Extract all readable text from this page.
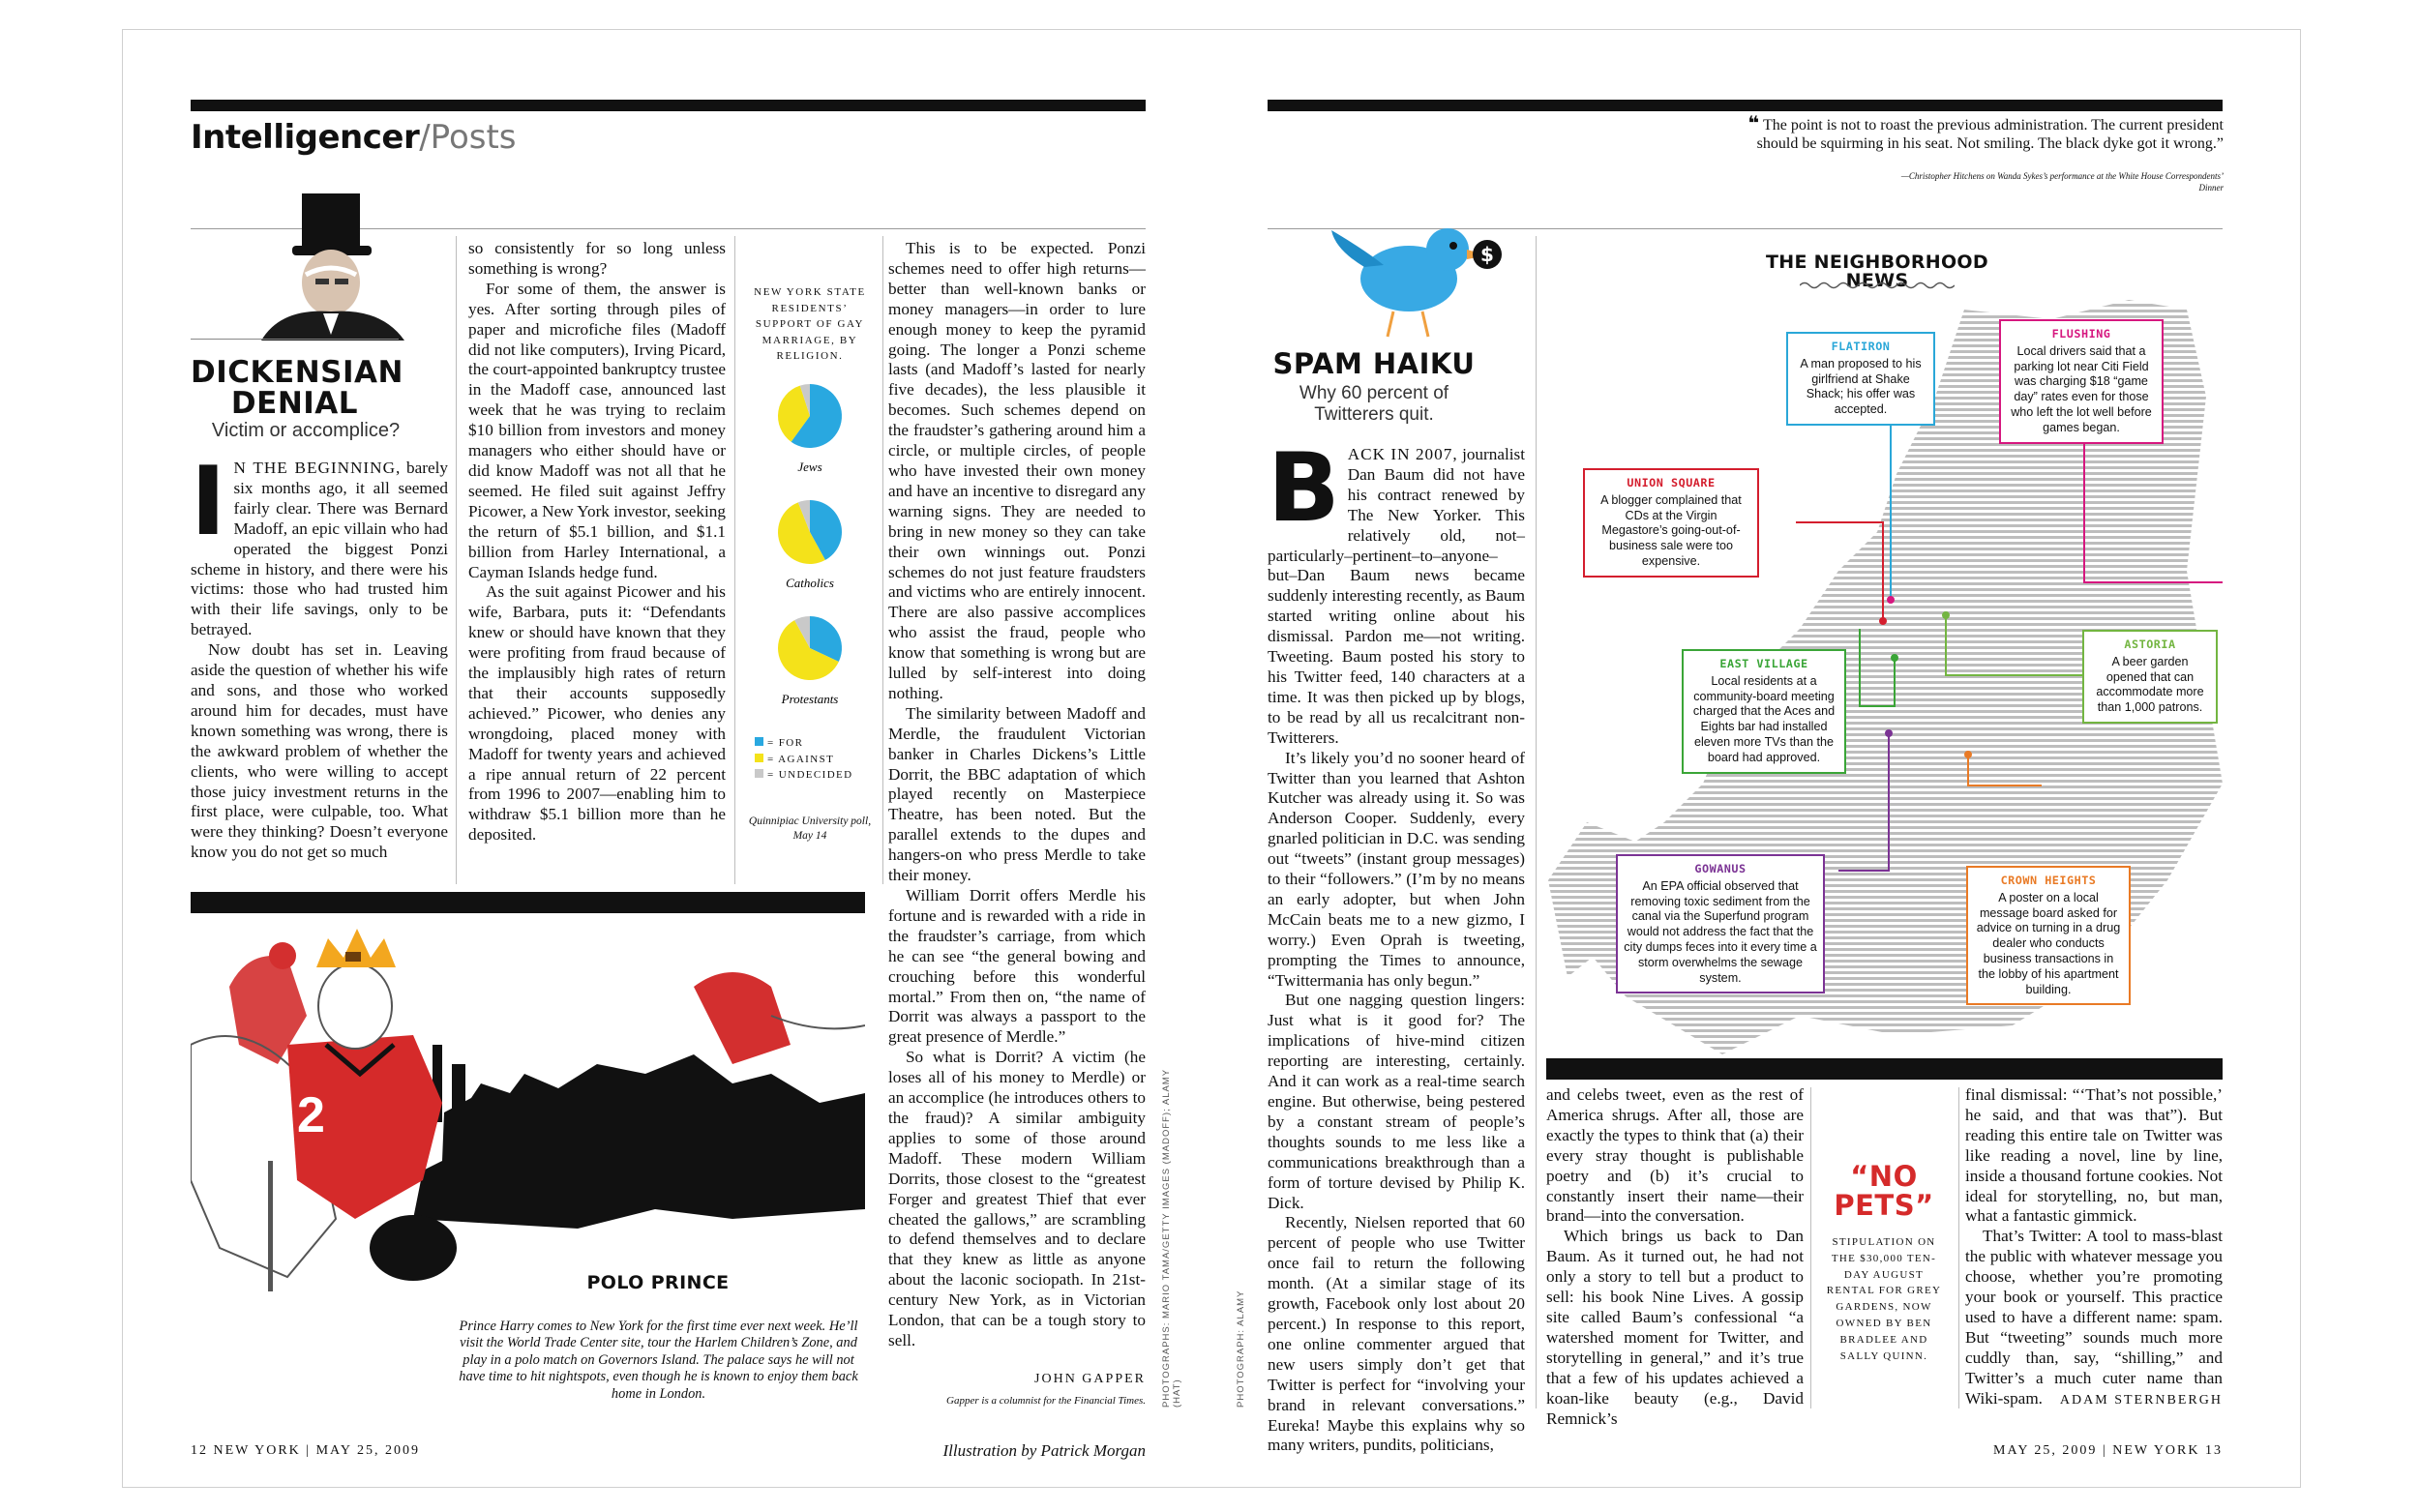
Intelligencer/Posts
DICKENSIAN
DENIAL
Victim or accomplice?
I N THE BEGINNING, barely six months ago, it all seemed fairly clear. There was Bernard Madoff, an epic villain who had operated the biggest Ponzi scheme in history, and there were his victims: those who had trusted him with their life savings, only to be betrayed.

Now doubt has set in. Leaving aside the question of whether his wife and sons, and those who worked around him for decades, must have known something was wrong, there is the awkward problem of whether the clients, who were willing to accept those juicy investment returns in the first place, were culpable, too. What were they thinking? Doesn’t everyone know you do not get so much

so consistently for so long unless something is wrong?

For some of them, the answer is yes. After sorting through piles of paper and microfiche files (Madoff did not like computers), Irving Picard, the court-appointed bankruptcy trustee in the Madoff case, announced last week that he was trying to reclaim $10 billion from investors and money managers who either should have or did know Madoff was not all that he seemed. He filed suit against Jeffry Picower, a New York investor, seeking the return of $5.1 billion, and $1.1 billion from Harley International, a Cayman Islands hedge fund.

As the suit against Picower and his wife, Barbara, puts it: “Defendants knew or should have known that they were profiting from fraud because of the implausibly high rates of return that their accounts supposedly achieved.” Picower, who denies any wrongdoing, placed money with Madoff for twenty years and achieved a ripe annual return of 22 percent from 1996 to 2007—enabling him to withdraw $5.1 billion more than he deposited.

NEW YORK STATE RESIDENTS’ SUPPORT OF GAY MARRIAGE, BY RELIGION.
Jews
Catholics
Protestants
= FOR
= AGAINST
= UNDECIDED
Quinnipiac University poll, May 14

This is to be expected. Ponzi schemes need to offer high returns—better than well-known banks or money managers—in order to lure enough money to keep the pyramid going. The longer a Ponzi scheme lasts (and Madoff’s lasted for nearly five decades), the less plausible it becomes. Such schemes depend on the fraudster’s gathering around him a circle, or multiple circles, of people who have invested their own money and have an incentive to disregard any warning signs. They are needed to bring in new money so they can take their own winnings out. Ponzi schemes do not just feature fraudsters and victims who are entirely innocent. There are also passive accomplices who assist the fraud, people who know that something is wrong but are lulled by self-interest into doing nothing.

The similarity between Madoff and Merdle, the fraudulent Victorian banker in Charles Dickens’s Little Dorrit, the BBC adaptation of which played recently on Masterpiece Theatre, has been noted. But the parallel extends to the dupes and hangers-on who press Merdle to take their money.

William Dorrit offers Merdle his fortune and is rewarded with a ride in the fraudster’s carriage, from which he can see “the general bowing and crouching before this wonderful mortal.” From then on, “the name of Dorrit was always a passport to the great presence of Merdle.”

So what is Dorrit? A victim (he loses all of his money to Merdle) or an accomplice (he introduces others to the fraud)? A similar ambiguity applies to some of those around Madoff. These modern William Dorrits, those closest to the “greatest Forger and greatest Thief that ever cheated the gallows,” are scrambling to defend themselves and to declare that they knew as little as anyone about the laconic sociopath. In 21st-century New York, as in Victorian London, that can be a tough story to sell.

JOHN GAPPER
Gapper is a columnist for the Financial Times.
2
POLO PRINCE
Prince Harry comes to New York for the first time ever next week. He’ll visit the World Trade Center site, tour the Harlem Children’s Zone, and play in a polo match on Governors Island. The palace says he will not have time to hit nightspots, even though he is known to enjoy them back home in London.	PHOTOGRAPHS: MARIO TAMA/GETTY IMAGES (MADOFF); ALAMY (HAT)
12 NEW YORK | MAY 25, 2009	Illustration by Patrick Morgan
❝ The point is not to roast the previous administration. The current president should be squirming in his seat. Not smiling. The black dyke got it wrong.”
—Christopher Hitchens on Wanda Sykes’s performance at the White House Correspondents’ Dinner
$
SPAM HAIKU
Why 60 percent of Twitterers quit.
B ACK IN 2007, journalist Dan Baum did not have his contract renewed by The New Yorker. This relatively old, not–particularly–pertinent–to–anyone–but–Dan Baum news became suddenly interesting recently, as Baum started writing online about his dismissal. Pardon me—not writing. Tweeting. Baum posted his story to his Twitter feed, 140 characters at a time. It was then picked up by blogs, to be read by all us recalcitrant non-Twitterers.

It’s likely you’d no sooner heard of Twitter than you learned that Ashton Kutcher was already using it. So was Anderson Cooper. Suddenly, every gnarled politician in D.C. was sending out “tweets” (instant group messages) to their “followers.” (I’m by no means an early adopter, but when John McCain beats me to a new gizmo, I worry.) Even Oprah is tweeting, prompting the Times to announce, “Twittermania has only begun.”

But one nagging question lingers: Just what is it good for? The implications of hive-mind citizen reporting are interesting, certainly. And it can work as a real-time search engine. But otherwise, being pestered by a constant stream of people’s thoughts sounds to me less like a communications breakthrough than a form of torture devised by Philip K. Dick.

Recently, Nielsen reported that 60 percent of people who use Twitter once fail to return the following month. (At a similar stage of its growth, Facebook only lost about 20 percent.) In response to this report, one online commenter argued that new users simply don’t get that Twitter is perfect for “involving your brand in relevant conversations.” Eureka! Maybe this explains why so many writers, pundits, politicians,

THE NEIGHBORHOOD NEWS
FLATIRON
A man proposed to his girlfriend at Shake Shack; his offer was accepted.
FLUSHING
Local drivers said that a parking lot near Citi Field was charging $18 “game day” rates even for those who left the lot well before games began.
UNION SQUARE
A blogger complained that CDs at the Virgin Megastore’s going-out-of-business sale were too expensive.
EAST VILLAGE
Local residents at a community-board meeting charged that the Aces and Eights bar had installed eleven more TVs than the board had approved.
ASTORIA
A beer garden opened that can accommodate more than 1,000 patrons.
GOWANUS
An EPA official observed that removing toxic sediment from the canal via the Superfund program would not address the fact that the city dumps feces into it every time a storm overwhelms the sewage system.
CROWN HEIGHTS
A poster on a local message board asked for advice on turning in a drug dealer who conducts business transactions in the lobby of his apartment building.

and celebs tweet, even as the rest of America shrugs. After all, those are exactly the types to think that (a) their every stray thought is publishable poetry and (b) it’s crucial to constantly insert their name—their brand—into the conversation.

Which brings us back to Dan Baum. As it turned out, he had not only a story to tell but a product to sell: his book Nine Lives. A gossip site called Baum’s confessional “a watershed moment for Twitter, and storytelling in general,” and it’s true that a few of his updates achieved a koan-like beauty (e.g., David Remnick’s

“NO
PETS”
STIPULATION ON THE $30,000 TEN-DAY AUGUST RENTAL FOR GREY GARDENS, NOW OWNED BY BEN BRADLEE AND SALLY QUINN.

final dismissal: “‘That’s not possible,’ he said, and that was that”). But reading this entire tale on Twitter was like reading a novel, line by line, inside a thousand fortune cookies. Not ideal for storytelling, no, but man, what a fantastic gimmick.

That’s Twitter: A tool to mass-blast the public with whatever message you choose, whether you’re promoting your book or yourself. This practice used to have a different name: spam. But “tweeting” sounds much more cuddly than, say, “shilling,” and Twitter’s a much cuter name than Wiki-spam.	ADAM STERNBERGH
PHOTOGRAPH: ALAMY
MAY 25, 2009 | NEW YORK 13
